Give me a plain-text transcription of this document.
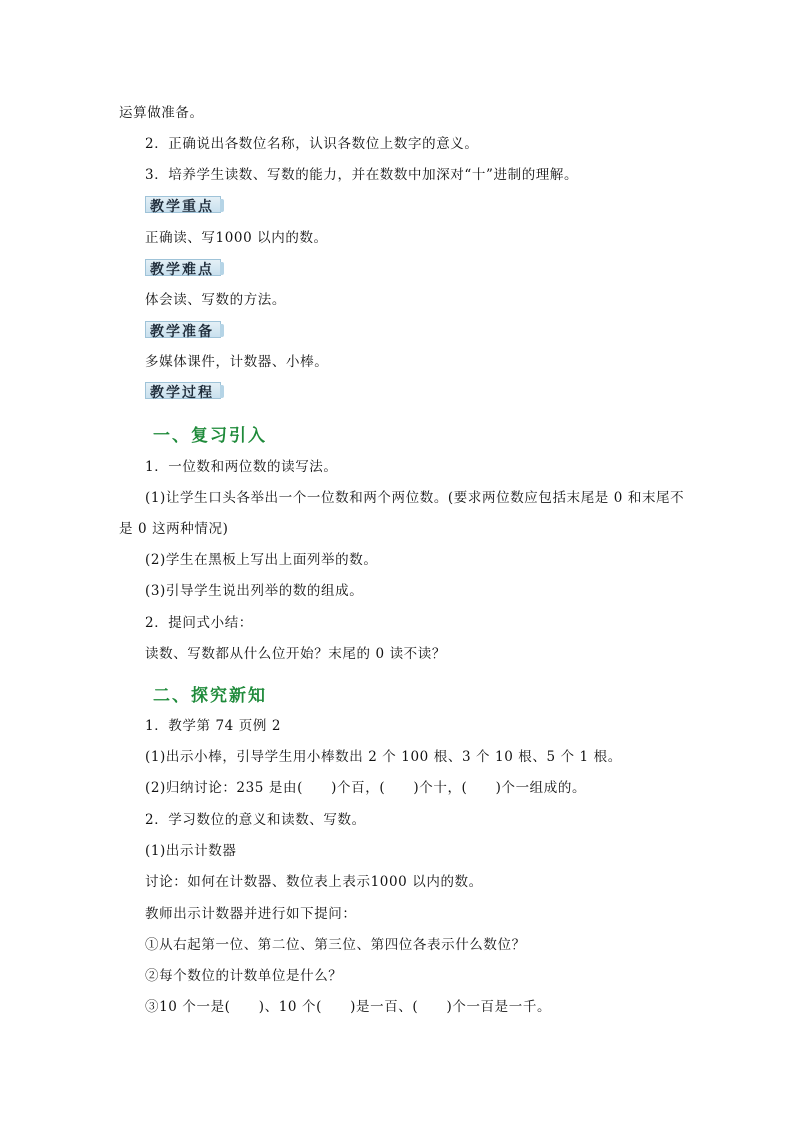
运算做准备。
2．正确说出各数位名称，认识各数位上数字的意义。
3．培养学生读数、写数的能力，并在数数中加深对“十”进制的理解。
教学重点
正确读、写1000 以内的数。
教学难点
体会读、写数的方法。
教学准备
多媒体课件，计数器、小棒。
教学过程
一、复习引入
1．一位数和两位数的读写法。
(1)让学生口头各举出一个一位数和两个两位数。(要求两位数应包括末尾是 0 和末尾不
是 0 这两种情况)
(2)学生在黑板上写出上面列举的数。
(3)引导学生说出列举的数的组成。
2．提问式小结：
读数、写数都从什么位开始？末尾的 0 读不读？
二、探究新知
1．教学第 74 页例 2
(1)出示小棒，引导学生用小棒数出 2 个 100 根、3 个 10 根、5 个 1 根。
(2)归纳讨论：235 是由(　　)个百，(　　)个十，(　　)个一组成的。
2．学习数位的意义和读数、写数。
(1)出示计数器
讨论：如何在计数器、数位表上表示1000 以内的数。
教师出示计数器并进行如下提问：
①从右起第一位、第二位、第三位、第四位各表示什么数位？
②每个数位的计数单位是什么？
③10 个一是(　　)、10 个(　　)是一百、(　　)个一百是一千。
